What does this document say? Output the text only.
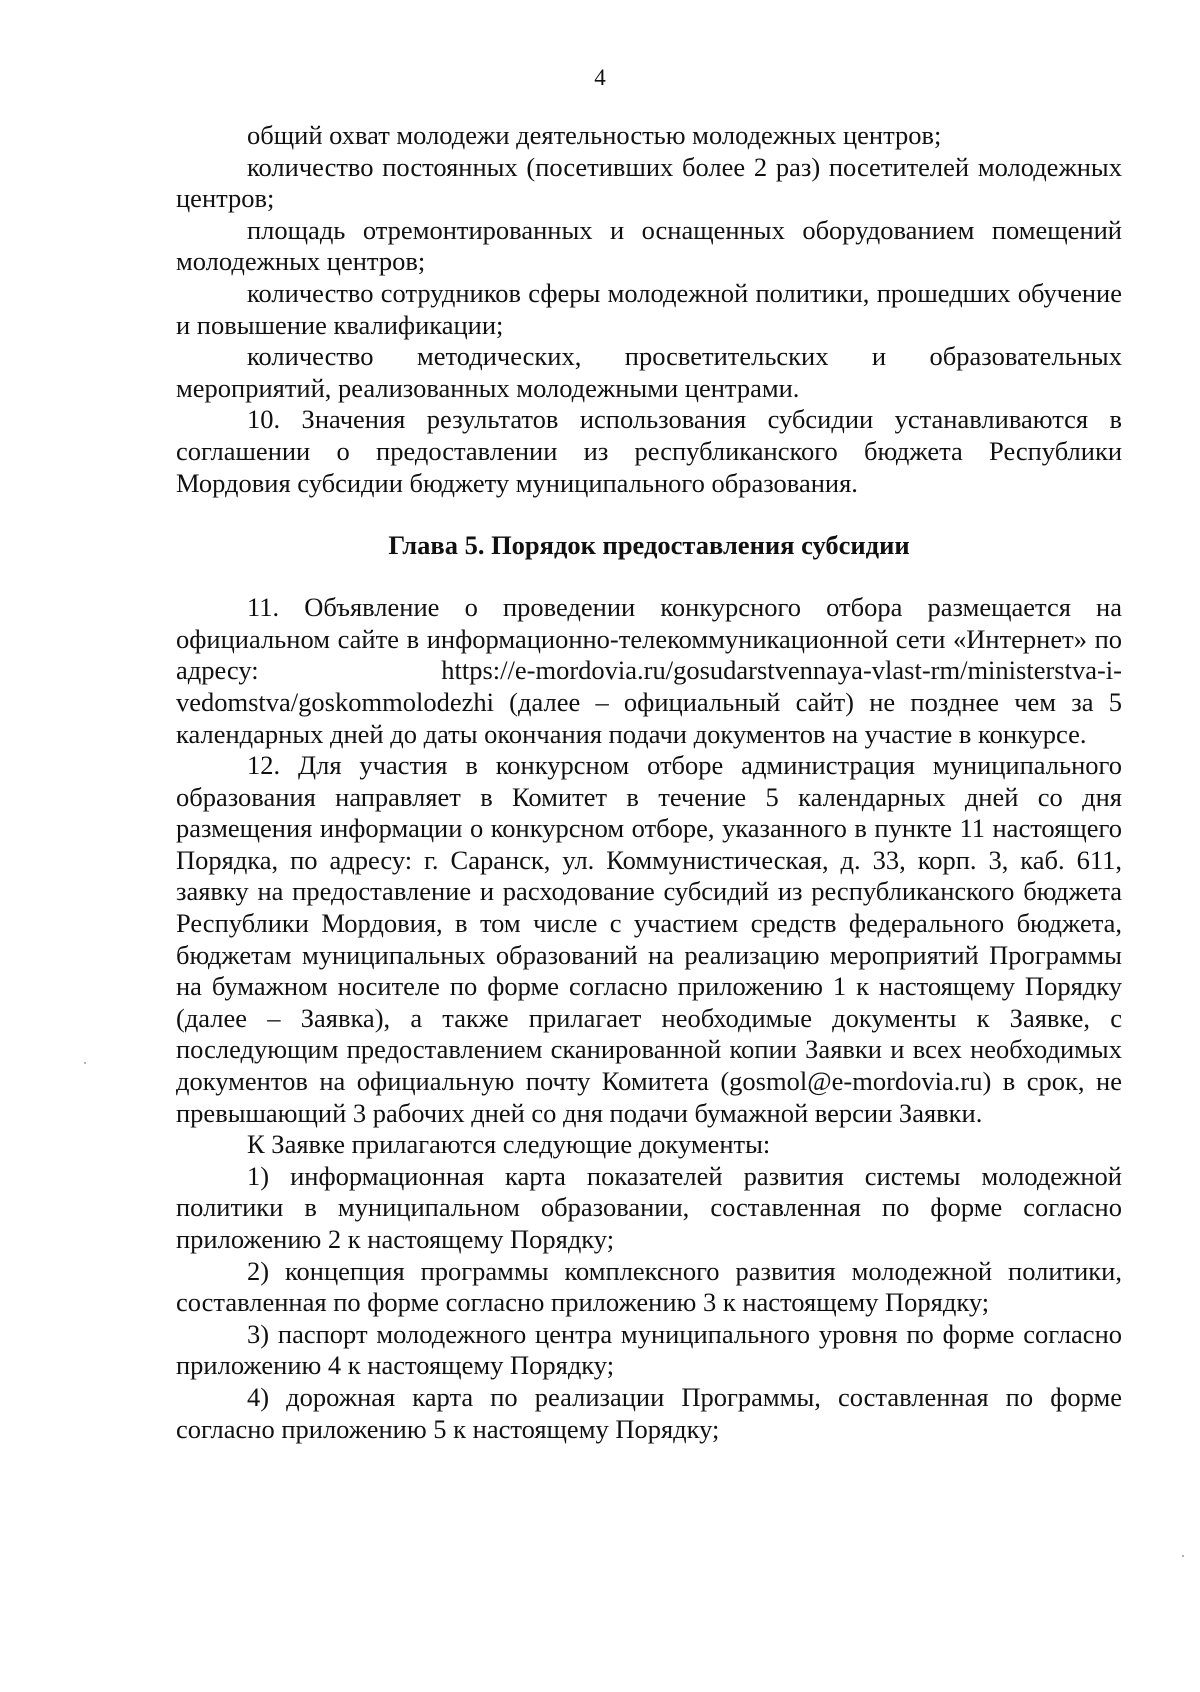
4

общий охват молодежи деятельностью молодежных центров;

количество постоянных (посетивших более 2 раз) посетителей молодежных центров;

площадь отремонтированных и оснащенных оборудованием помещений молодежных центров;

количество сотрудников сферы молодежной политики, прошедших обучение и повышение квалификации;

количество методических, просветительских и образовательных мероприятий, реализованных молодежными центрами.

10. Значения результатов использования субсидии устанавливаются в соглашении о предоставлении из республиканского бюджета Республики Мордовия субсидии бюджету муниципального образования.

Глава 5. Порядок предоставления субсидии

11. Объявление о проведении конкурсного отбора размещается на официальном сайте в информационно-телекоммуникационной сети «Интернет» по адресу: https://e-mordovia.ru/gosudarstvennaya-vlast-rm/ministerstva-i-vedomstva/goskommolodezhi (далее – официальный сайт) не позднее чем за 5 календарных дней до даты окончания подачи документов на участие в конкурсе.

12. Для участия в конкурсном отборе администрация муниципального образования направляет в Комитет в течение 5 календарных дней со дня размещения информации о конкурсном отборе, указанного в пункте 11 настоящего Порядка, по адресу: г. Саранск, ул. Коммунистическая, д. 33, корп. 3, каб. 611, заявку на предоставление и расходование субсидий из республиканского бюджета Республики Мордовия, в том числе с участием средств федерального бюджета, бюджетам муниципальных образований на реализацию мероприятий Программы на бумажном носителе по форме согласно приложению 1 к настоящему Порядку (далее – Заявка), а также прилагает необходимые документы к Заявке, с последующим предоставлением сканированной копии Заявки и всех необходимых документов на официальную почту Комитета (gosmol@e-mordovia.ru) в срок, не превышающий 3 рабочих дней со дня подачи бумажной версии Заявки.

К Заявке прилагаются следующие документы:

1) информационная карта показателей развития системы молодежной политики в муниципальном образовании, составленная по форме согласно приложению 2 к настоящему Порядку;

2) концепция программы комплексного развития молодежной политики, составленная по форме согласно приложению 3 к настоящему Порядку;

3) паспорт молодежного центра муниципального уровня по форме согласно приложению 4 к настоящему Порядку;

4) дорожная карта по реализации Программы, составленная по форме согласно приложению 5 к настоящему Порядку;
